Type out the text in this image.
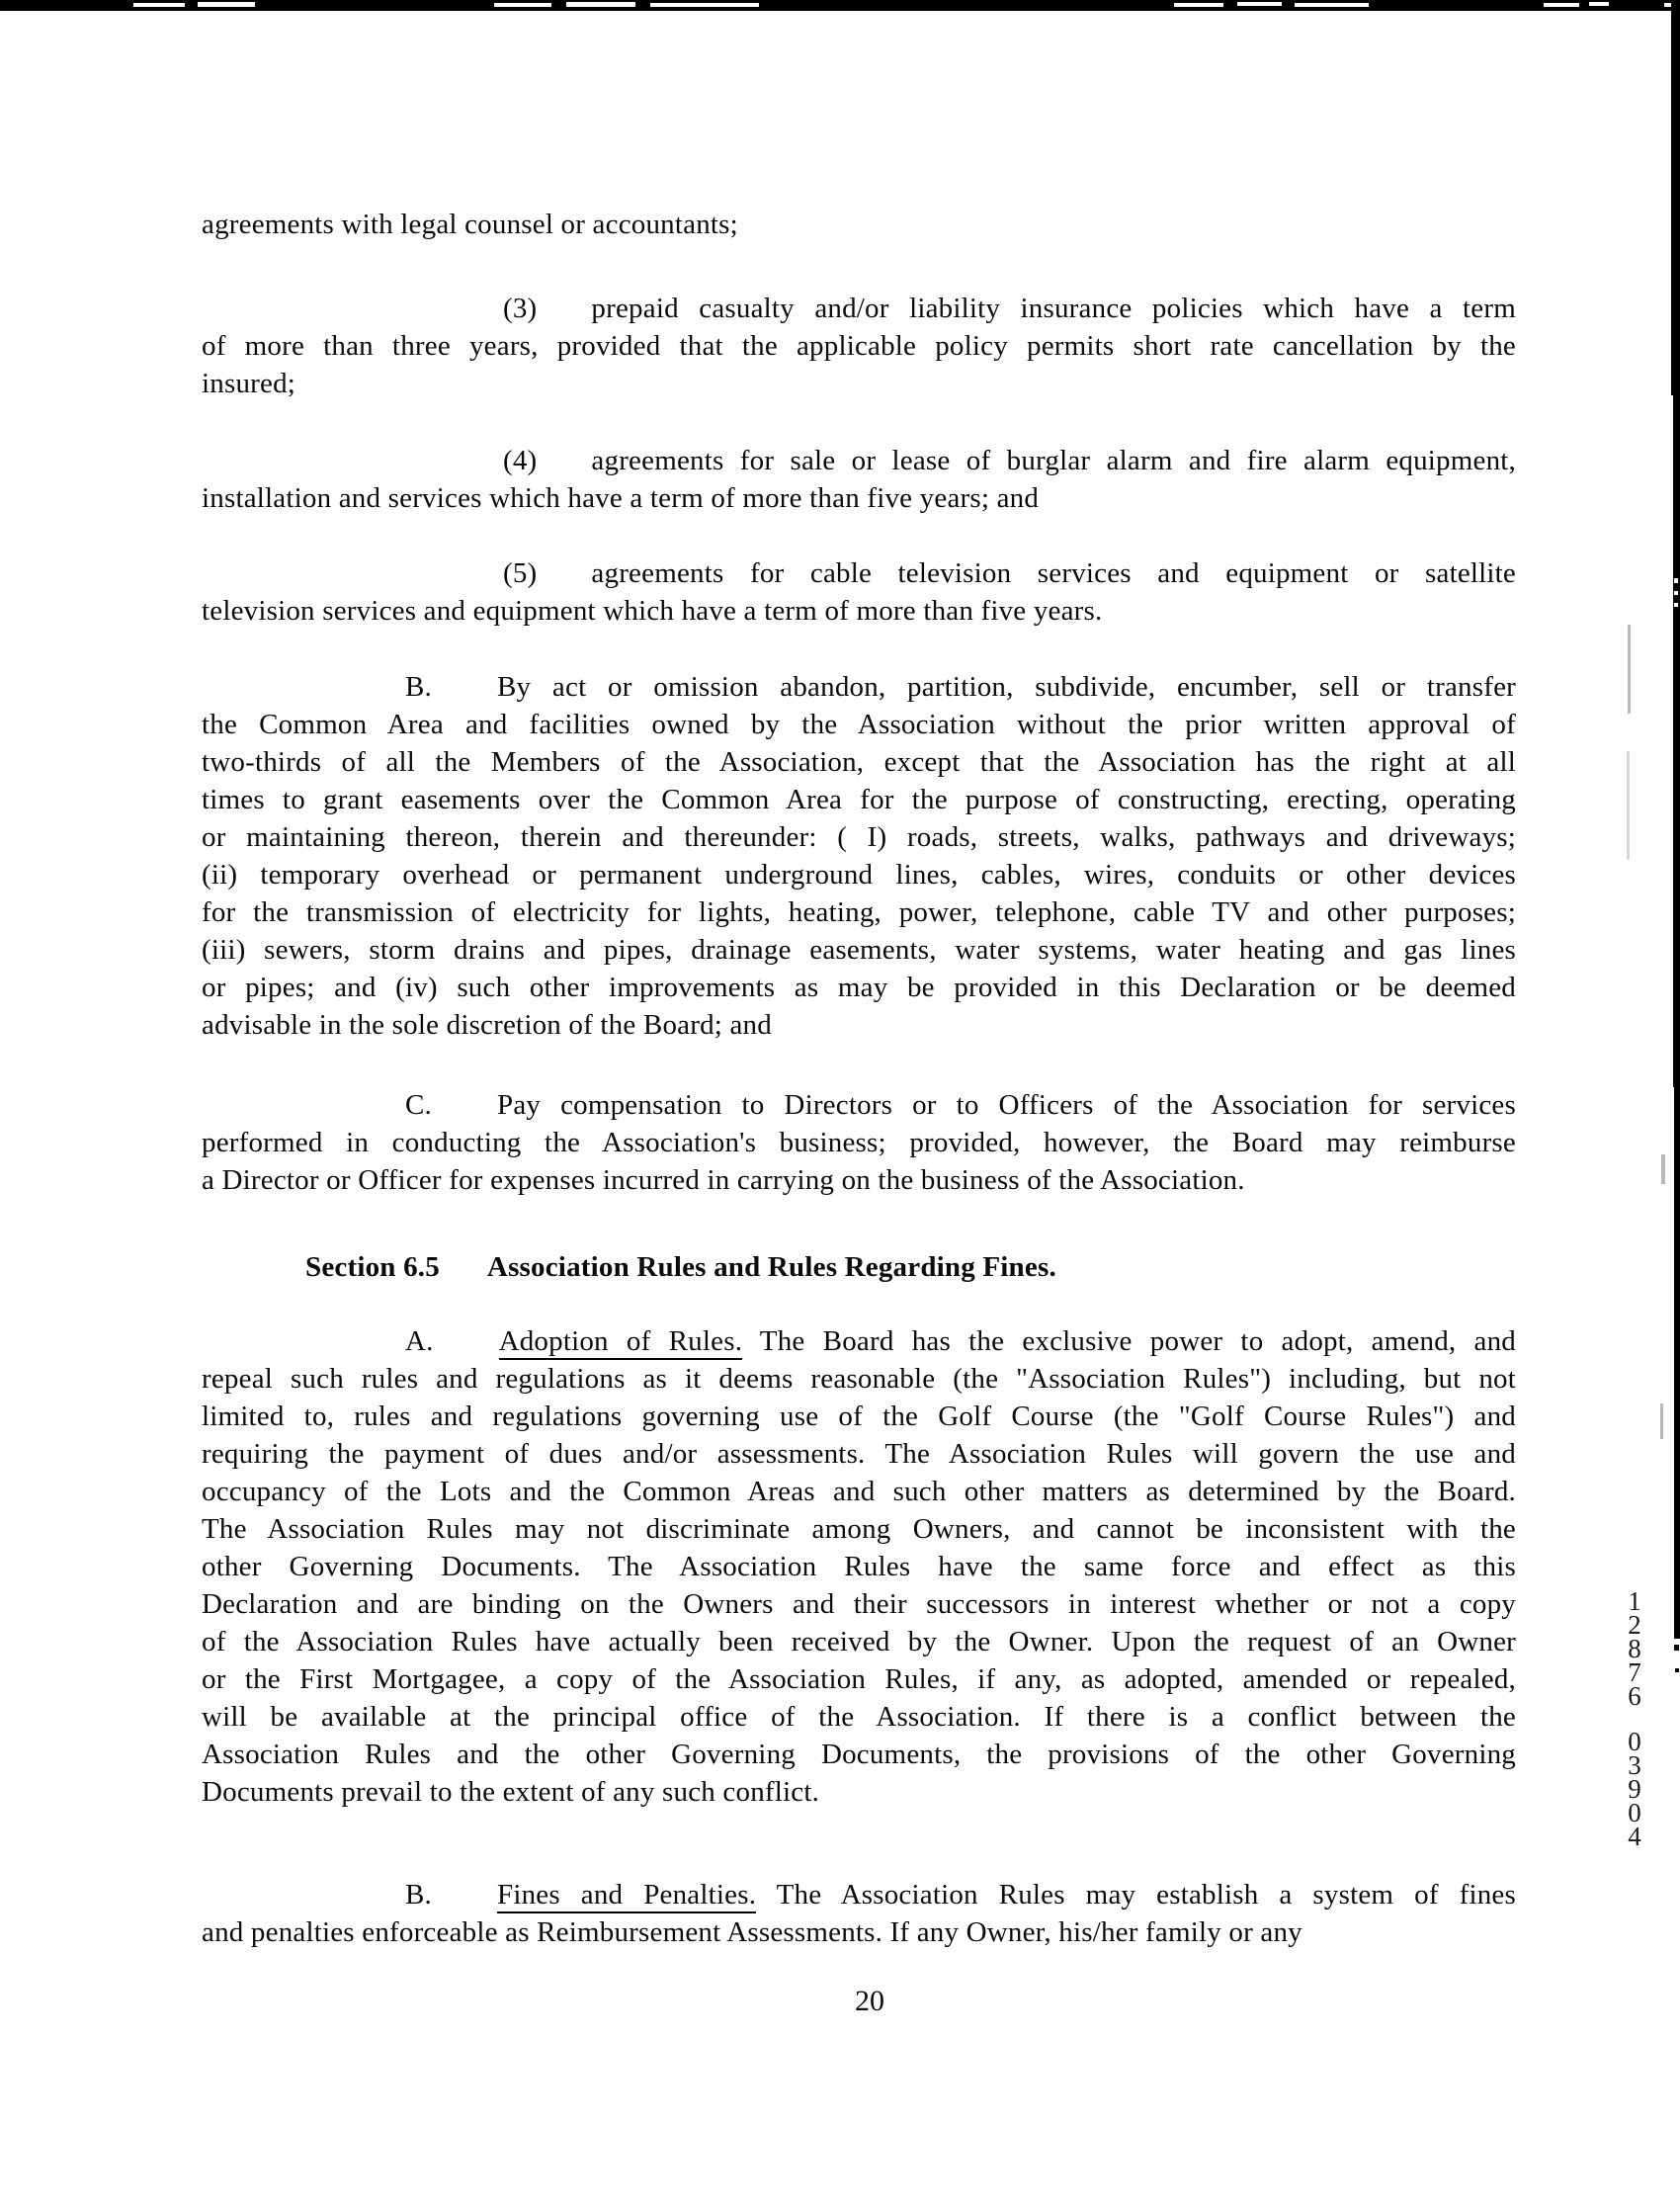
agreements with legal counsel or accountants;
(3) prepaid casualty and/or liability insurance policies which have a term
of more than three years, provided that the applicable policy permits short rate cancellation by the
insured;
(4) agreements for sale or lease of burglar alarm and fire alarm equipment,
installation and services which have a term of more than five years; and
(5) agreements for cable television services and equipment or satellite
television services and equipment which have a term of more than five years.
B. By act or omission abandon, partition, subdivide, encumber, sell or transfer
the Common Area and facilities owned by the Association without the prior written approval of
two-thirds of all the Members of the Association, except that the Association has the right at all
times to grant easements over the Common Area for the purpose of constructing, erecting, operating
or maintaining thereon, therein and thereunder: ( I) roads, streets, walks, pathways and driveways;
(ii) temporary overhead or permanent underground lines, cables, wires, conduits or other devices
for the transmission of electricity for lights, heating, power, telephone, cable TV and other purposes;
(iii) sewers, storm drains and pipes, drainage easements, water systems, water heating and gas lines
or pipes; and (iv) such other improvements as may be provided in this Declaration or be deemed
advisable in the sole discretion of the Board; and
C. Pay compensation to Directors or to Officers of the Association for services
performed in conducting the Association's business; provided, however, the Board may reimburse
a Director or Officer for expenses incurred in carrying on the business of the Association.
Section 6.5 Association Rules and Rules Regarding Fines.
A. Adoption of Rules. The Board has the exclusive power to adopt, amend, and
repeal such rules and regulations as it deems reasonable (the "Association Rules") including, but not
limited to, rules and regulations governing use of the Golf Course (the "Golf Course Rules") and
requiring the payment of dues and/or assessments. The Association Rules will govern the use and
occupancy of the Lots and the Common Areas and such other matters as determined by the Board.
The Association Rules may not discriminate among Owners, and cannot be inconsistent with the
other Governing Documents. The Association Rules have the same force and effect as this
Declaration and are binding on the Owners and their successors in interest whether or not a copy
of the Association Rules have actually been received by the Owner. Upon the request of an Owner
or the First Mortgagee, a copy of the Association Rules, if any, as adopted, amended or repealed,
will be available at the principal office of the Association. If there is a conflict between the
Association Rules and the other Governing Documents, the provisions of the other Governing
Documents prevail to the extent of any such conflict.
B. Fines and Penalties. The Association Rules may establish a system of fines
and penalties enforceable as Reimbursement Assessments. If any Owner, his/her family or any
1
2
8
7
6
0
3
9
0
4
20
